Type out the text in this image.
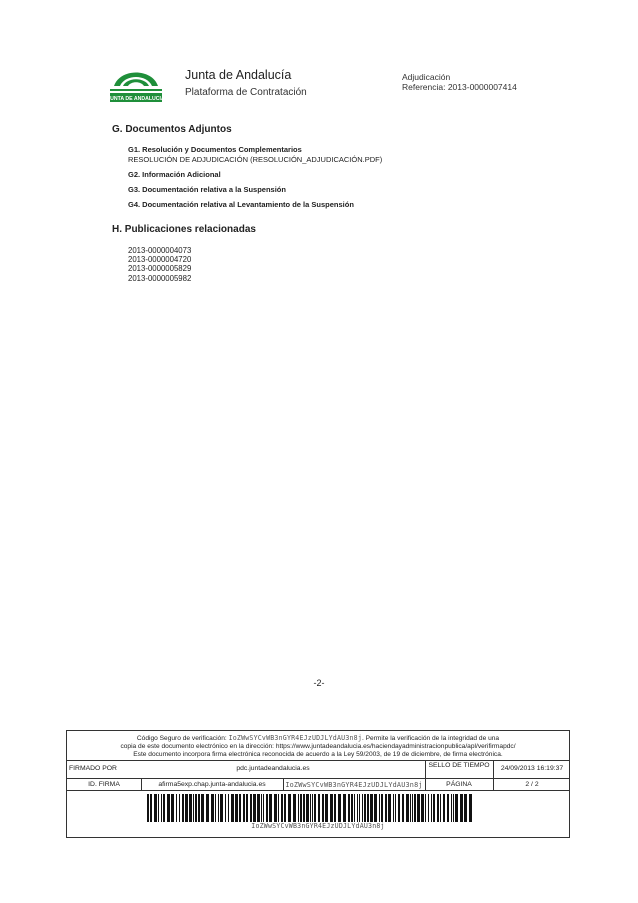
JUNTA DE ANDALUCIA
Junta de Andalucía
Plataforma de Contratación
Adjudicación
Referencia: 2013-0000007414
G. Documentos Adjuntos
G1. Resolución y Documentos Complementarios
RESOLUCIÓN DE ADJUDICACIÓN (RESOLUCIÓN_ADJUDICACIÓN.PDF)
G2. Información Adicional
G3. Documentación relativa a la Suspensión
G4. Documentación relativa al Levantamiento de la Suspensión
H. Publicaciones relacionadas
2013-0000004073
2013-0000004720
2013-0000005829
2013-0000005982
-2-
Código Seguro de verificación: IoZWwSYCvWB3nGYR4EJzUDJLYdAU3n8j. Permite la verificación de la integridad de una
copia de este documento electrónico en la dirección: https://www.juntadeandalucia.es/haciendayadministracionpublica/apl/verifirmapdc/
Este documento incorpora firma electrónica reconocida de acuerdo a la Ley 59/2003, de 19 de diciembre, de firma electrónica.
FIRMADO POR	pdc.juntadeandalucia.es	SELLO DE TIEMPO	24/09/2013 16:19:37
ID. FIRMA	afirma5exp.chap.junta-andalucia.es	IoZWwSYCvWB3nGYR4EJzUDJLYdAU3n8j	PÁGINA	2 / 2
IoZWwSYCvWB3nGYR4EJzUDJLYdAU3n8j
